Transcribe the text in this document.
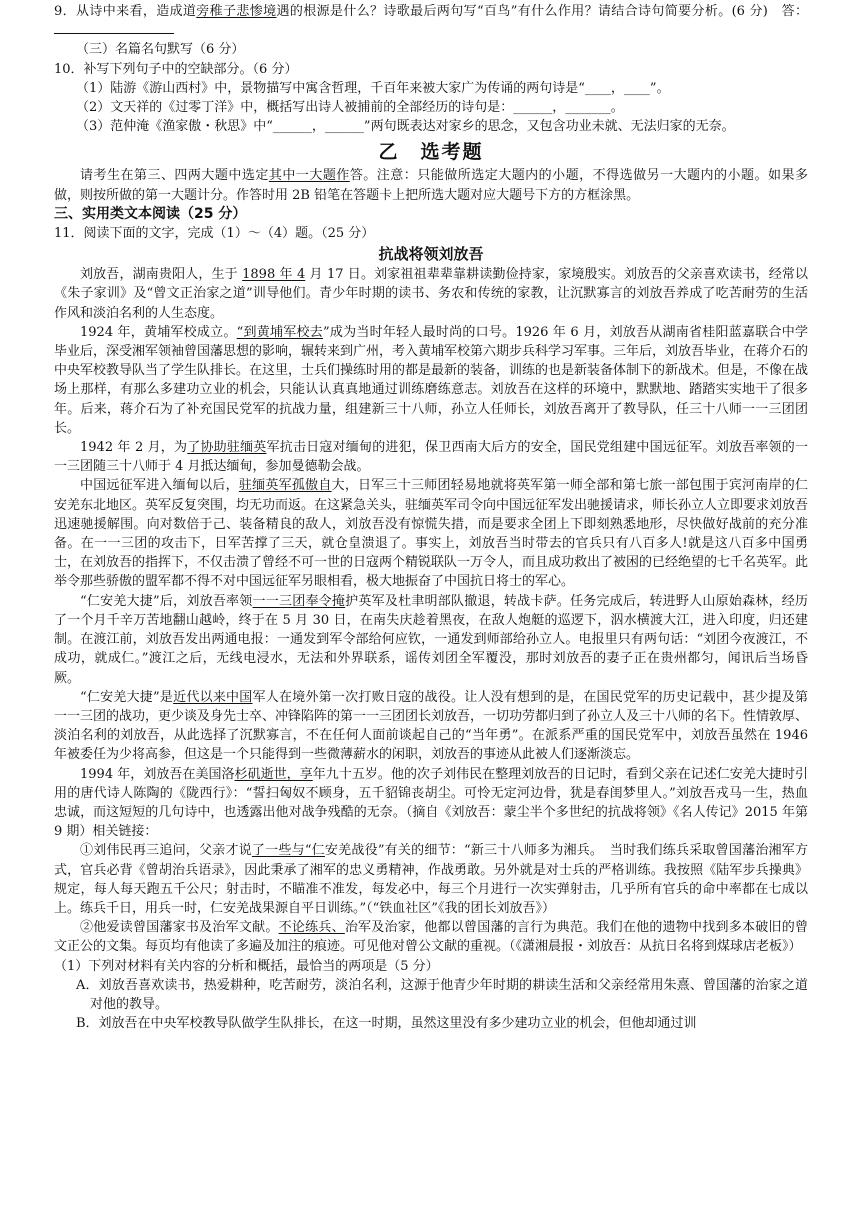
9．从诗中来看，造成道旁稚子悲惨境遇的根源是什么？诗歌最后两句写“百鸟”有什么作用？请结合诗句简要分析。(6 分)　答：

（三）名篇名句默写（6 分）

10．补写下列句子中的空缺部分。（6 分）

（1）陆游《游山西村》中，景物描写中寓含哲理，千百年来被大家广为传诵的两句诗是“____，____”。

（2）文天祥的《过零丁洋》中，概括写出诗人被捕前的全部经历的诗句是：______，_______。

（3）范仲淹《渔家傲・秋思》中“______，______”两句既表达对家乡的思念，又包含功业未就、无法归家的无奈。

乙　选考题

请考生在第三、四两大题中选定其中一大题作答。注意：只能做所选定大题内的小题，不得选做另一大题内的小题。如果多做，则按所做的第一大题计分。作答时用 2B 铅笔在答题卡上把所选大题对应大题号下方的方框涂黑。

三、实用类文本阅读（25 分）

11．阅读下面的文字，完成（1）～（4）题。（25 分）

抗战将领刘放吾

刘放吾，湖南贵阳人，生于 1898 年 4 月 17 日。刘家祖祖辈辈靠耕读勤俭持家，家境殷实。刘放吾的父亲喜欢读书，经常以《朱子家训》及“曾文正治家之道”训导他们。青少年时期的读书、务农和传统的家教，让沉默寡言的刘放吾养成了吃苦耐劳的生活作风和淡泊名利的人生态度。

1924 年，黄埔军校成立。“到黄埔军校去”成为当时年轻人最时尚的口号。1926 年 6 月，刘放吾从湖南省桂阳蓝嘉联合中学毕业后，深受湘军领袖曾国藩思想的影响，辗转来到广州，考入黄埔军校第六期步兵科学习军事。三年后，刘放吾毕业，在蒋介石的中央军校教导队当了学生队排长。在这里，士兵们操练时用的都是最新的装备，训练的也是新装备体制下的新战术。但是，不像在战场上那样，有那么多建功立业的机会，只能认认真真地通过训练磨练意志。刘放吾在这样的环境中，默默地、踏踏实实地干了很多年。后来，蒋介石为了补充国民党军的抗战力量，组建新三十八师，孙立人任师长，刘放吾离开了教导队，任三十八师一一三团团长。

1942 年 2 月，为了协助驻缅英军抗击日寇对缅甸的进犯，保卫西南大后方的安全，国民党组建中国远征军。刘放吾率领的一一三团随三十八师于 4 月抵达缅甸，参加曼德勒会战。

中国远征军进入缅甸以后，驻缅英军孤傲自大，日军三十三师团轻易地就将英军第一师全部和第七旅一部包围于宾河南岸的仁安羌东北地区。英军反复突围，均无功而返。在这紧急关头，驻缅英军司令向中国远征军发出驰援请求，师长孙立人立即要求刘放吾迅速驰援解围。向对数倍于己、装备精良的敌人，刘放吾没有惊慌失措，而是要求全团上下即刻熟悉地形，尽快做好战前的充分准备。在一一三团的攻击下，日军苦撑了三天，就仓皇溃退了。事实上，刘放吾当时带去的官兵只有八百多人!就是这八百多中国勇士，在刘放吾的指挥下，不仅击溃了曾经不可一世的日寇两个精锐联队一万令人，而且成功救出了被困的已经绝望的七千名英军。此举令那些骄傲的盟军都不得不对中国远征军另眼相看，极大地振奋了中国抗日将士的军心。

“仁安羌大捷”后，刘放吾率领一一三团奉令掩护英军及杜聿明部队撤退，转战卡萨。任务完成后，转进野人山原始森林，经历了一个月千辛万苦地翻山越岭，终于在 5 月 30 日，在南失庆趁着黑夜，在敌人炮艇的巡逻下，泅水横渡大江，进入印度，归还建制。在渡江前，刘放吾发出两通电报：一通发到军令部给何应钦，一通发到师部给孙立人。电报里只有两句话：“刘团今夜渡江，不成功，就成仁。”渡江之后，无线电浸水，无法和外界联系，谣传刘团全军覆没，那时刘放吾的妻子正在贵州都匀，闻讯后当场昏厥。

“仁安羌大捷”是近代以来中国军人在境外第一次打败日寇的战役。让人没有想到的是，在国民党军的历史记载中，甚少提及第一一三团的战功，更少谈及身先士卒、冲锋陷阵的第一一三团团长刘放吾，一切功劳都归到了孙立人及三十八师的名下。性情敦厚、淡泊名利的刘放吾，从此选择了沉默寡言，不在任何人面前谈起自己的“当年勇”。在派系严重的国民党军中，刘放吾虽然在 1946 年被委任为少将高参，但这是一个只能得到一些微薄薪水的闲职，刘放吾的事迹从此被人们逐渐淡忘。

1994 年，刘放吾在美国洛杉矶逝世，享年九十五岁。他的次子刘伟民在整理刘放吾的日记时，看到父亲在记述仁安羌大捷时引用的唐代诗人陈陶的《陇西行》：“誓扫匈奴不顾身，五千貂锦丧胡尘。可怜无定河边骨，犹是春闺梦里人。”刘放吾戎马一生，热血忠诚，而这短短的几句诗中，也透露出他对战争残酷的无奈。（摘自《刘放吾：蒙尘半个多世纪的抗战将领》《名人传记》2015 年第 9 期）相关链接：

①刘伟民再三追问，父亲才说了一些与“仁安羌战役”有关的细节：“新三十八师多为湘兵。　当时我们练兵采取曾国藩治湘军方式，官兵必背《曾胡治兵语录》，因此秉承了湘军的忠义勇精神，作战勇敢。另外就是对士兵的严格训练。我按照《陆军步兵操典》规定，每人每天跑五千公尺；射击时，不瞄准不准发，每发必中，每三个月进行一次实弹射击，几乎所有官兵的命中率都在七成以上。练兵千日，用兵一时，仁安羌战果源自平日训练。”（“铁血社区”《我的团长刘放吾》）

②他爱读曾国藩家书及治军文献。不论练兵、治军及治家，他都以曾国藩的言行为典范。我们在他的遗物中找到多本破旧的曾文正公的文集。每页均有他读了多遍及加注的痕迹。可见他对曾公文献的重视。（《潇湘晨报・刘放吾：从抗日名将到煤球店老板》）

（1）下列对材料有关内容的分析和概括，最恰当的两项是（5 分）

A．刘放吾喜欢读书，热爱耕种，吃苦耐劳，淡泊名利，这源于他青少年时期的耕读生活和父亲经常用朱熹、曾国藩的治家之道对他的教导。

B．刘放吾在中央军校教导队做学生队排长，在这一时期，虽然这里没有多少建功立业的机会，但他却通过训
